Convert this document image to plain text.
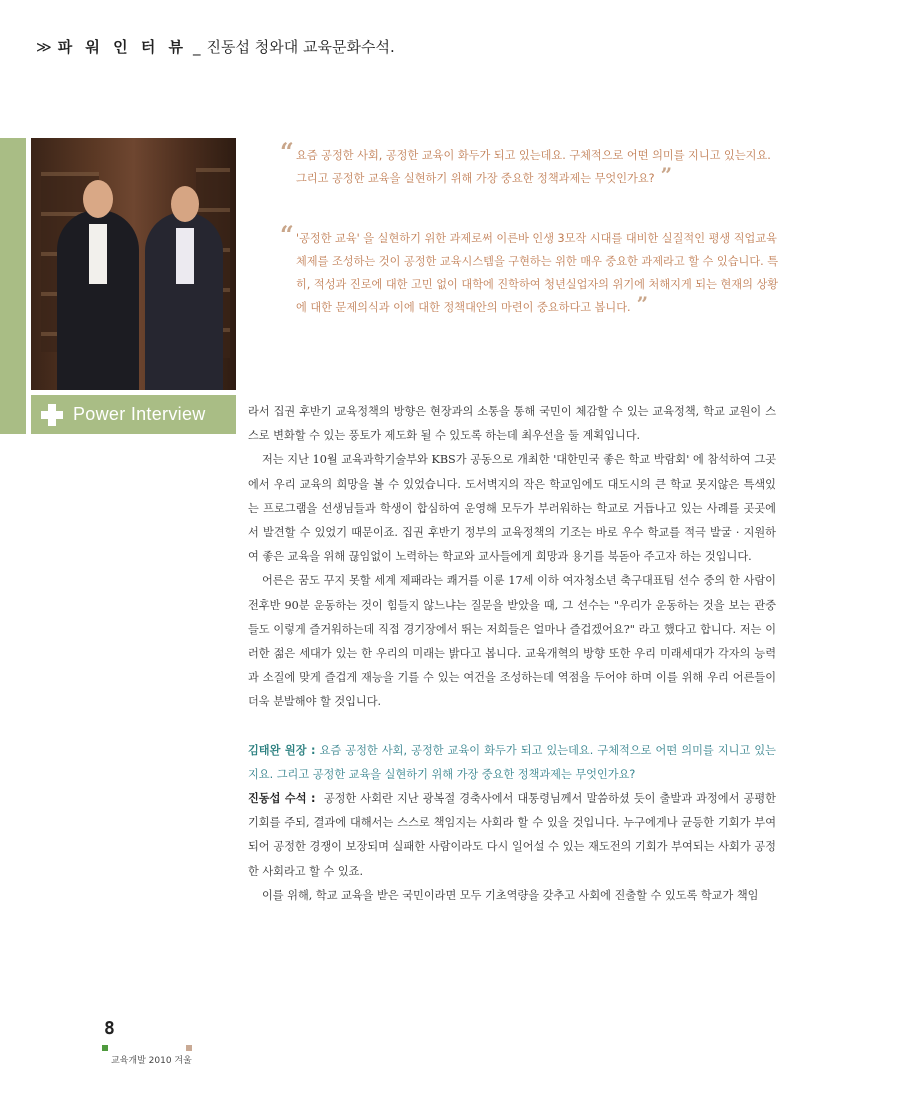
≫ 파 워 인 터 뷰 _ 진동섭 청와대 교육문화수석.
Power Interview
“ 요즘 공정한 사회, 공정한 교육이 화두가 되고 있는데요. 구체적으로 어떤 의미를 지니고 있는지요. 그리고 공정한 교육을 실현하기 위해 가장 중요한 정책과제는 무엇인가요? ”
“ '공정한 교육' 을 실현하기 위한 과제로써 이른바 인생 3모작 시대를 대비한 실질적인 평생 직업교육체제를 조성하는 것이 공정한 교육시스템을 구현하는 위한 매우 중요한 과제라고 할 수 있습니다. 특히, 적성과 진로에 대한 고민 없이 대학에 진학하여 청년실업자의 위기에 처해지게 되는 현재의 상황에 대한 문제의식과 이에 대한 정책대안의 마련이 중요하다고 봅니다. ”

라서 집권 후반기 교육정책의 방향은 현장과의 소통을 통해 국민이 체감할 수 있는 교육정책, 학교 교원이 스스로 변화할 수 있는 풍토가 제도화 될 수 있도록 하는데 최우선을 둘 계획입니다.

저는 지난 10월 교육과학기술부와 KBS가 공동으로 개최한 '대한민국 좋은 학교 박람회' 에 참석하여 그곳에서 우리 교육의 희망을 볼 수 있었습니다. 도서벽지의 작은 학교임에도 대도시의 큰 학교 못지않은 특색있는 프로그램을 선생님들과 학생이 합심하여 운영해 모두가 부러워하는 학교로 거듭나고 있는 사례를 곳곳에서 발견할 수 있었기 때문이죠. 집권 후반기 정부의 교육정책의 기조는 바로 우수 학교를 적극 발굴 · 지원하여 좋은 교육을 위해 끊임없이 노력하는 학교와 교사들에게 희망과 용기를 북돋아 주고자 하는 것입니다.

어른은 꿈도 꾸지 못할 세계 제패라는 쾌거를 이룬 17세 이하 여자청소년 축구대표팀 선수 중의 한 사람이 전후반 90분 운동하는 것이 힘들지 않느냐는 질문을 받았을 때, 그 선수는 "우리가 운동하는 것을 보는 관중들도 이렇게 즐거워하는데 직접 경기장에서 뛰는 저희들은 얼마나 즐겁겠어요?" 라고 했다고 합니다. 저는 이러한 젊은 세대가 있는 한 우리의 미래는 밝다고 봅니다. 교육개혁의 방향 또한 우리 미래세대가 각자의 능력과 소질에 맞게 즐겁게 재능을 기를 수 있는 여건을 조성하는데 역점을 두어야 하며 이를 위해 우리 어른들이 더욱 분발해야 할 것입니다.

김태완 원장 : 요즘 공정한 사회, 공정한 교육이 화두가 되고 있는데요. 구체적으로 어떤 의미를 지니고 있는지요. 그리고 공정한 교육을 실현하기 위해 가장 중요한 정책과제는 무엇인가요?

진동섭 수석 : 공정한 사회란 지난 광복절 경축사에서 대통령님께서 말씀하셨 듯이 출발과 과정에서 공평한 기회를 주되, 결과에 대해서는 스스로 책임지는 사회라 할 수 있을 것입니다. 누구에게나 균등한 기회가 부여되어 공정한 경쟁이 보장되며 실패한 사람이라도 다시 일어설 수 있는 재도전의 기회가 부여되는 사회가 공정한 사회라고 할 수 있죠.

이를 위해, 학교 교육을 받은 국민이라면 모두 기초역량을 갖추고 사회에 진출할 수 있도록 학교가 책임

8
교육개발 2010 겨울
